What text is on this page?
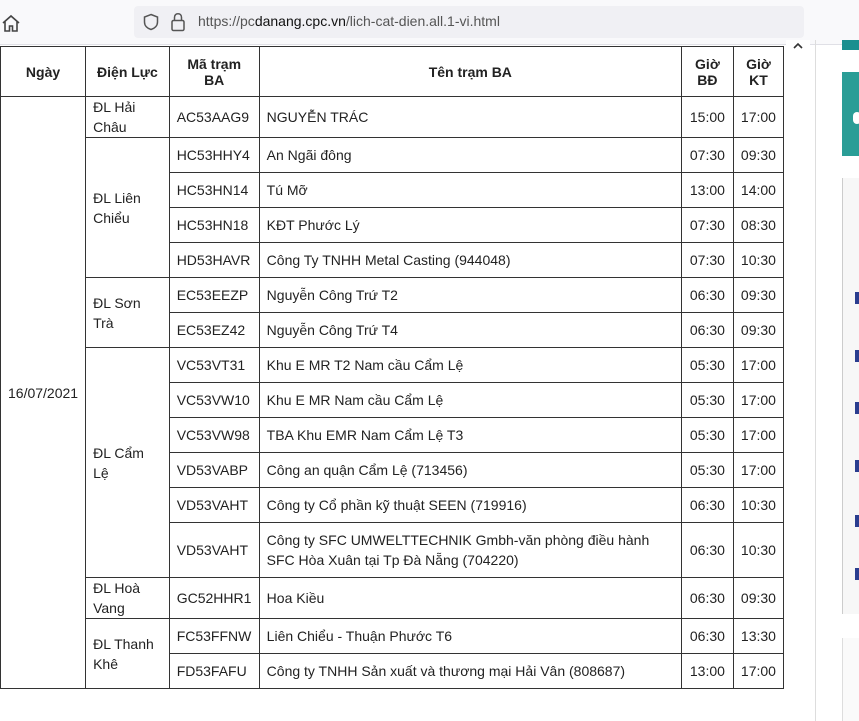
https://pcdanang.cpc.vn/lich-cat-dien.all.1-vi.html
Ngày	Điện Lực	Mã trạm BA	Tên trạm BA	Giờ BĐ	Giờ KT
16/07/2021	ĐL Hải Châu	AC53AAG9	NGUYỄN TRÁC	15:00	17:00
	ĐL Liên Chiểu	HC53HHY4	An Ngãi đông	07:30	09:30
		HC53HN14	Tú Mỡ	13:00	14:00
		HC53HN18	KĐT Phước Lý	07:30	08:30
		HD53HAVR	Công Ty TNHH Metal Casting (944048)	07:30	10:30
	ĐL Sơn Trà	EC53EEZP	Nguyễn Công Trứ T2	06:30	09:30
		EC53EZ42	Nguyễn Công Trứ T4	06:30	09:30
	ĐL Cẩm Lệ	VC53VT31	Khu E MR T2 Nam cầu Cẩm Lệ	05:30	17:00
		VC53VW10	Khu E MR Nam cầu Cẩm Lệ	05:30	17:00
		VC53VW98	TBA Khu EMR Nam Cẩm Lệ T3	05:30	17:00
		VD53VABP	Công an quận Cẩm Lệ (713456)	05:30	17:00
		VD53VAHT	Công ty Cổ phần kỹ thuật SEEN (719916)	06:30	10:30
		VD53VAHT	Công ty SFC UMWELTTECHNIK Gmbh-văn phòng điều hành SFC Hòa Xuân tại Tp Đà Nẵng (704220)	06:30	10:30
	ĐL Hoà Vang	GC52HHR1	Hoa Kiều	06:30	09:30
	ĐL Thanh Khê	FC53FFNW	Liên Chiểu - Thuận Phước T6	06:30	13:30
		FD53FAFU	Công ty TNHH Sản xuất và thương mại Hải Vân (808687)	13:00	17:00
